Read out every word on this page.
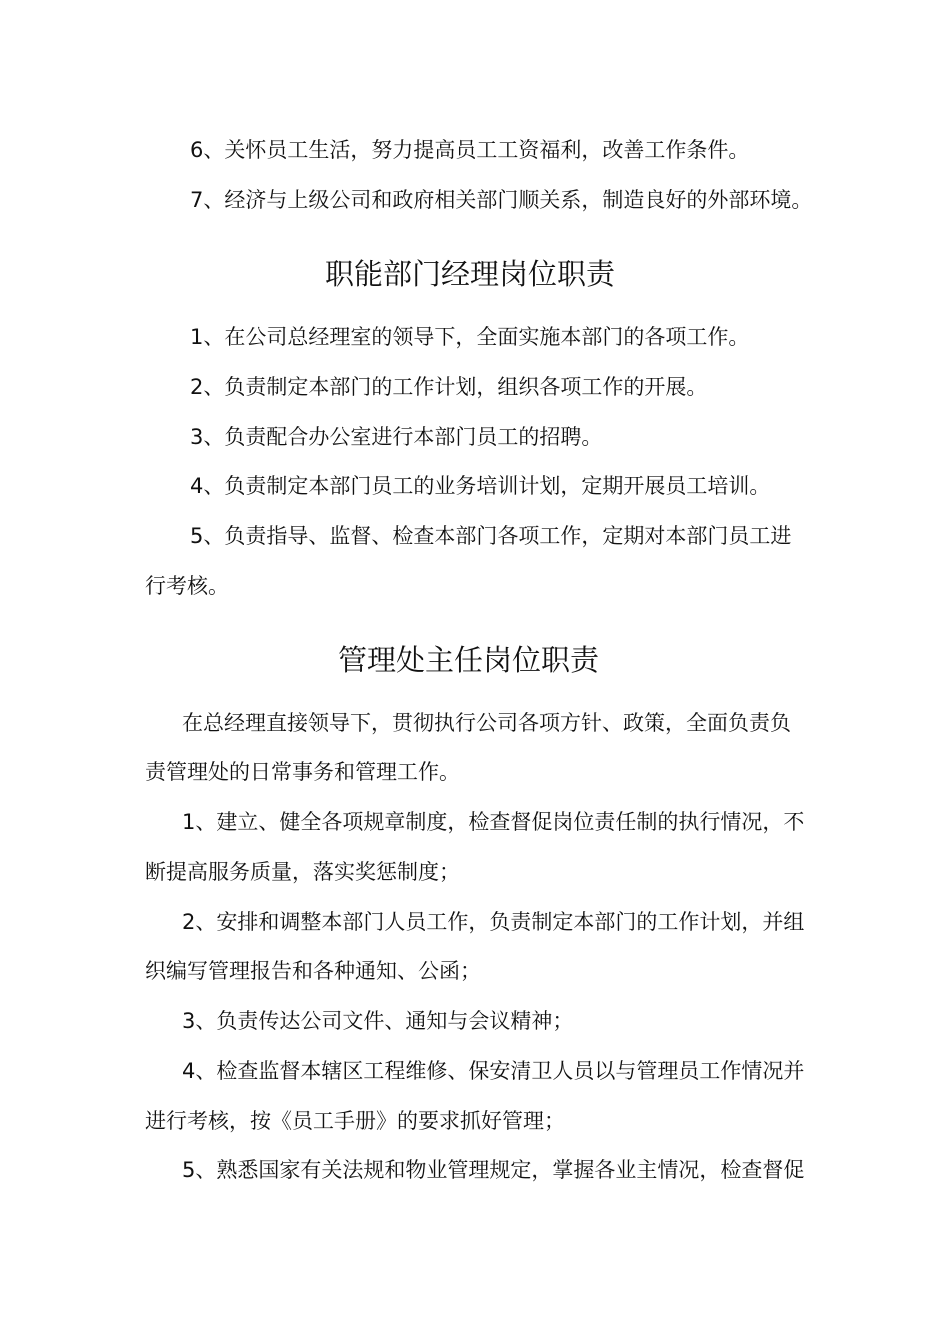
6、关怀员工生活，努力提高员工工资福利，改善工作条件。
7、经济与上级公司和政府相关部门顺关系，制造良好的外部环境。
职能部门经理岗位职责
1、在公司总经理室的领导下，全面实施本部门的各项工作。
2、负责制定本部门的工作计划，组织各项工作的开展。
3、负责配合办公室进行本部门员工的招聘。
4、负责制定本部门员工的业务培训计划，定期开展员工培训。
5、负责指导、监督、检查本部门各项工作，定期对本部门员工进
行考核。
管理处主任岗位职责
在总经理直接领导下，贯彻执行公司各项方针、政策，全面负责负
责管理处的日常事务和管理工作。
1、建立、健全各项规章制度，检查督促岗位责任制的执行情况，不
断提高服务质量，落实奖惩制度；
2、安排和调整本部门人员工作，负责制定本部门的工作计划，并组
织编写管理报告和各种通知、公函；
3、负责传达公司文件、通知与会议精神；
4、检查监督本辖区工程维修、保安清卫人员以与管理员工作情况并
进行考核，按《员工手册》的要求抓好管理；
5、熟悉国家有关法规和物业管理规定，掌握各业主情况，检查督促
